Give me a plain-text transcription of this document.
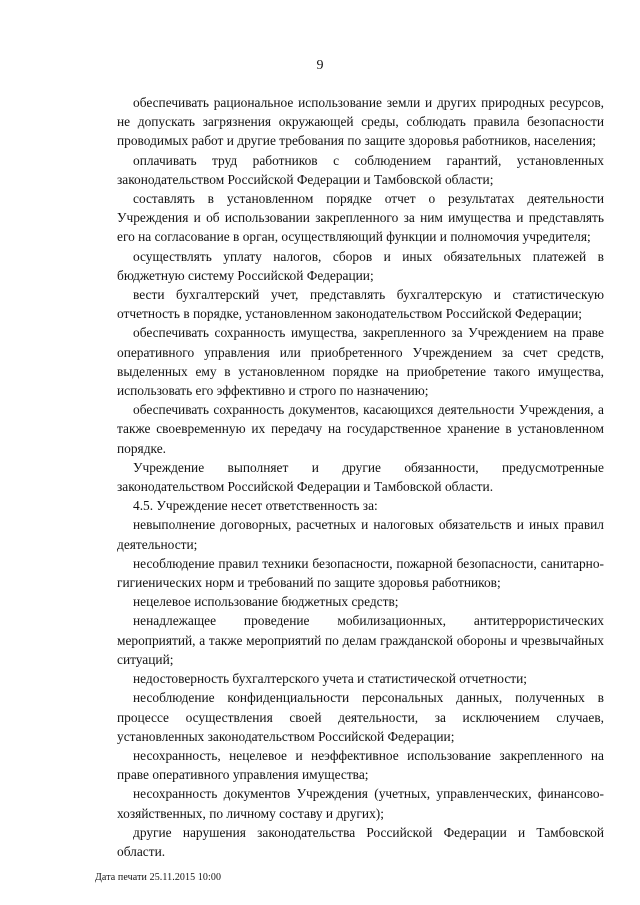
9

обеспечивать рациональное использование земли и других природных ресурсов, не допускать загрязнения окружающей среды, соблюдать правила безопасности проводимых работ и другие требования по защите здоровья работников, населения;

оплачивать труд работников с соблюдением гарантий, установленных законодательством Российской Федерации и Тамбовской области;

составлять в установленном порядке отчет о результатах деятельности Учреждения и об использовании закрепленного за ним имущества и представлять его на согласование в орган, осуществляющий функции и полномочия учредителя;

осуществлять уплату налогов, сборов и иных обязательных платежей в бюджетную систему Российской Федерации;

вести бухгалтерский учет, представлять бухгалтерскую и статистическую отчетность в порядке, установленном законодательством Российской Федерации;

обеспечивать сохранность имущества, закрепленного за Учреждением на праве оперативного управления или приобретенного Учреждением за счет средств, выделенных ему в установленном порядке на приобретение такого имущества, использовать его эффективно и строго по назначению;

обеспечивать сохранность документов, касающихся деятельности Учреждения, а также своевременную их передачу на государственное хранение в установленном порядке.

Учреждение выполняет и другие обязанности, предусмотренные законодательством Российской Федерации и Тамбовской области.

4.5. Учреждение несет ответственность за:

невыполнение договорных, расчетных и налоговых обязательств и иных правил деятельности;

несоблюдение правил техники безопасности, пожарной безопасности, санитарно-гигиенических норм и требований по защите здоровья работников;

нецелевое использование бюджетных средств;

ненадлежащее проведение мобилизационных, антитеррористических мероприятий, а также мероприятий по делам гражданской обороны и чрезвычайных ситуаций;

недостоверность бухгалтерского учета и статистической отчетности;

несоблюдение конфиденциальности персональных данных, полученных в процессе осуществления своей деятельности, за исключением случаев, установленных законодательством Российской Федерации;

несохранность, нецелевое и неэффективное использование закрепленного на праве оперативного управления имущества;

несохранность документов Учреждения (учетных, управленческих, финансово-хозяйственных, по личному составу и других);

другие нарушения законодательства Российской Федерации и Тамбовской области.

Дата печати 25.11.2015 10:00
